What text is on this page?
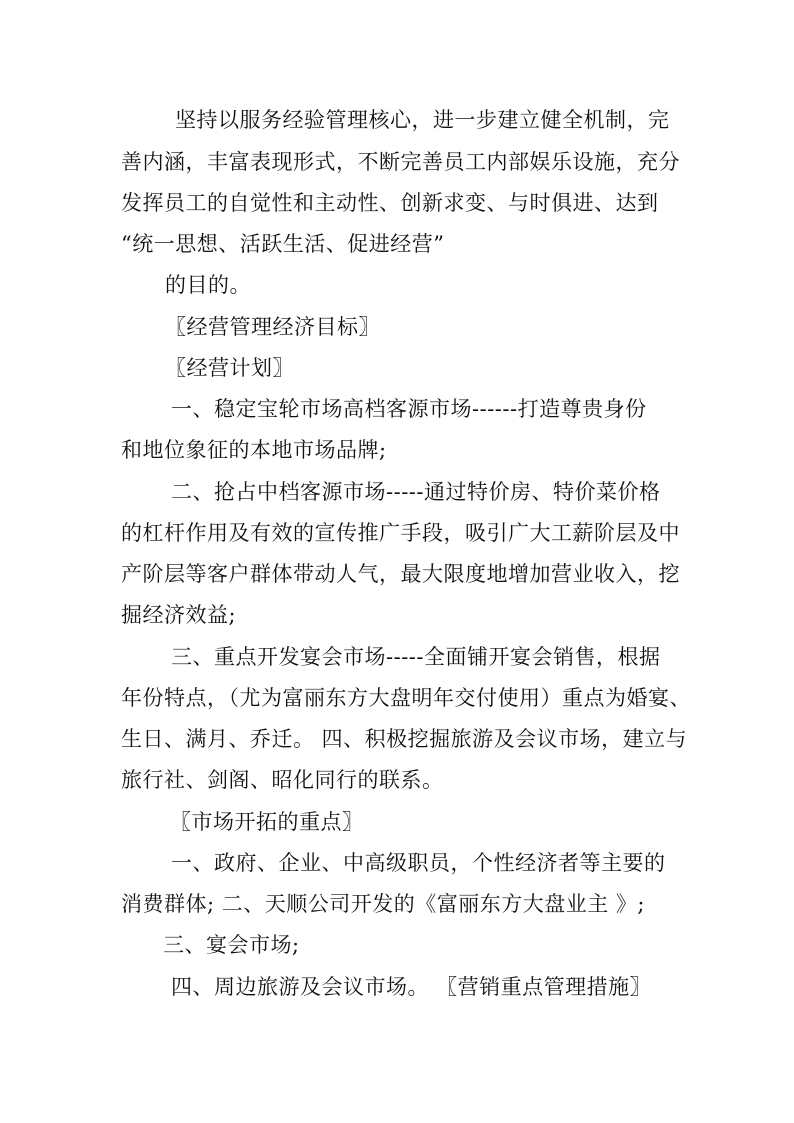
坚持以服务经验管理核心，进一步建立健全机制，完
善内涵，丰富表现形式，不断完善员工内部娱乐设施，充分
发挥员工的自觉性和主动性、创新求变、与时俱进、达到
“统一思想、活跃生活、促进经营”
的目的。
〖经营管理经济目标〗
〖经营计划〗
一、稳定宝轮市场高档客源市场------打造尊贵身份
和地位象征的本地市场品牌;
二、抢占中档客源市场-----通过特价房、特价菜价格
的杠杆作用及有效的宣传推广手段，吸引广大工薪阶层及中
产阶层等客户群体带动人气，最大限度地增加营业收入，挖
掘经济效益;
三、重点开发宴会市场-----全面铺开宴会销售，根据
年份特点，（尤为富丽东方大盘明年交付使用）重点为婚宴、
生日、满月、乔迁。 四、积极挖掘旅游及会议市场，建立与
旅行社、剑阁、昭化同行的联系。
〖市场开拓的重点〗
一、政府、企业、中高级职员，个性经济者等主要的
消费群体; 二、天顺公司开发的《富丽东方大盘业主 》;
三、宴会市场;
四、周边旅游及会议市场。 〖营销重点管理措施〗
